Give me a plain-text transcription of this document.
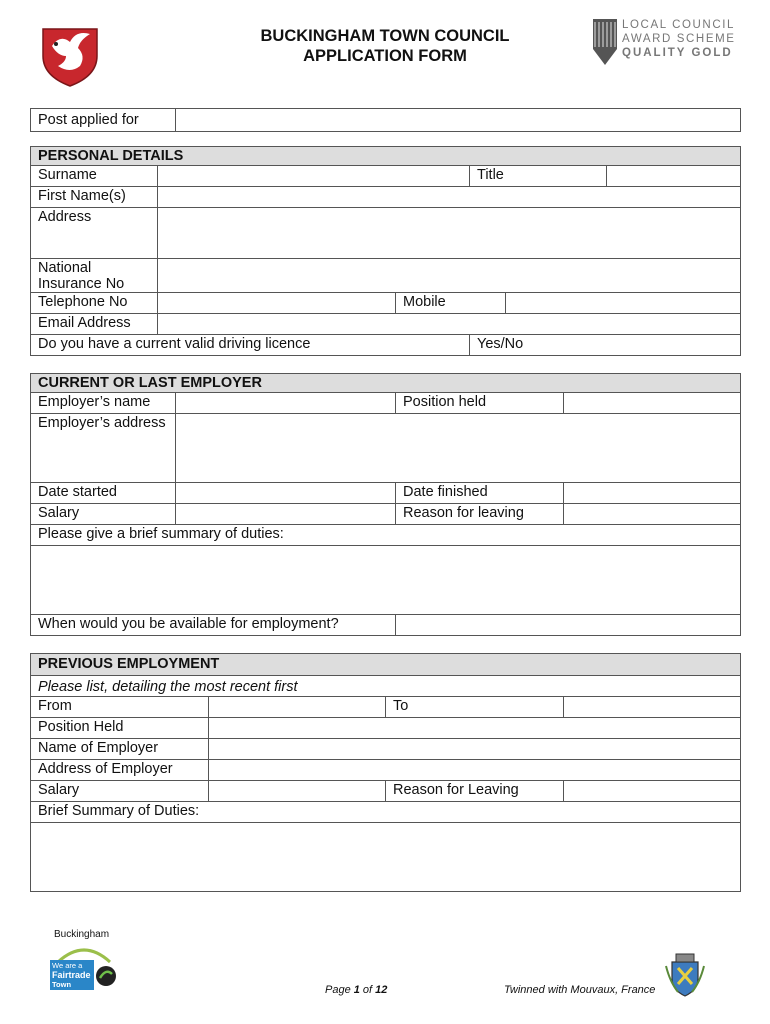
BUCKINGHAM TOWN COUNCIL
APPLICATION FORM
LOCAL COUNCIL
AWARD SCHEME
QUALITY GOLD
Post applied for
PERSONAL DETAILS
Surname	Title
First Name(s)
Address
National Insurance No
Telephone No	Mobile
Email Address
Do you have a current valid driving licence	Yes/No
CURRENT OR LAST EMPLOYER
Employer’s name	Position held
Employer’s address
Date started	Date finished
Salary	Reason for leaving
Please give a brief summary of duties:
When would you be available for employment?
PREVIOUS EMPLOYMENT
Please list, detailing the most recent first
From	To
Position Held
Name of Employer
Address of Employer
Salary	Reason for Leaving
Brief Summary of Duties:
Buckingham
We are a
Fairtrade
Town	Page 1 of 12	Twinned with Mouvaux, France
